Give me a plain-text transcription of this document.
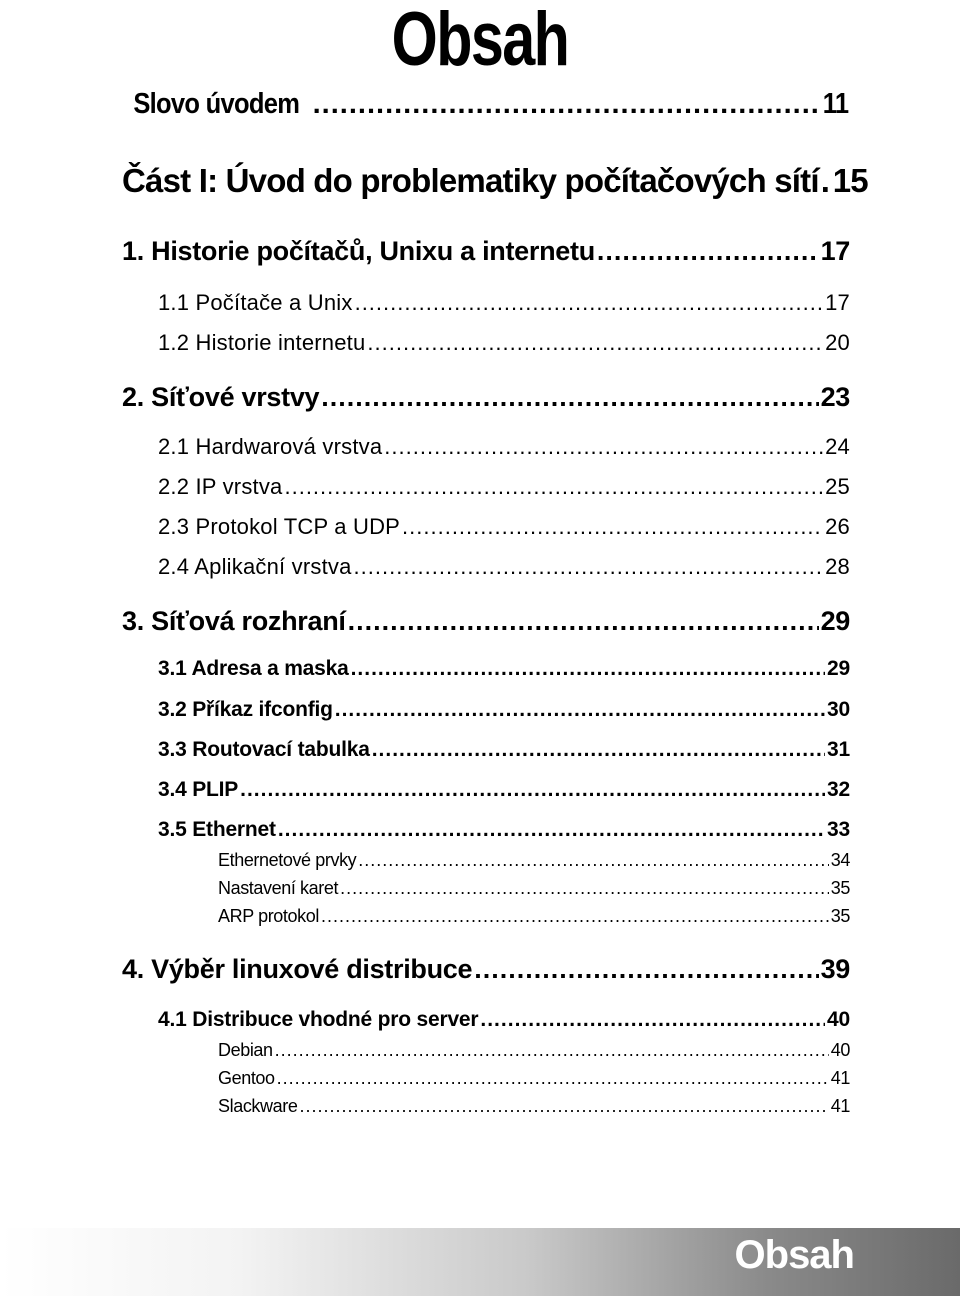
Obsah
Slovo úvodem .....	11
Část I: Úvod do problematiky počítačových sítí ..... 15
1. Historie počítačů, Unixu a internetu .....	17
1.1 Počítače a Unix .....	17
1.2 Historie internetu .....	20
2. Síťové vrstvy .....	23
2.1 Hardwarová vrstva .....	24
2.2 IP vrstva .....	25
2.3 Protokol TCP a UDP .....	26
2.4 Aplikační vrstva .....	28
3. Síťová rozhraní .....	29
3.1 Adresa a maska .....	29
3.2 Příkaz ifconfig .....	30
3.3 Routovací tabulka .....	31
3.4 PLIP .....	32
3.5 Ethernet .....	33
Ethernetové prvky .....	34
Nastavení karet .....	35
ARP protokol .....	35
4. Výběr linuxové distribuce .....	39
4.1 Distribuce vhodné pro server .....	40
Debian .....	40
Gentoo .....	41
Slackware .....	41
Obsah
